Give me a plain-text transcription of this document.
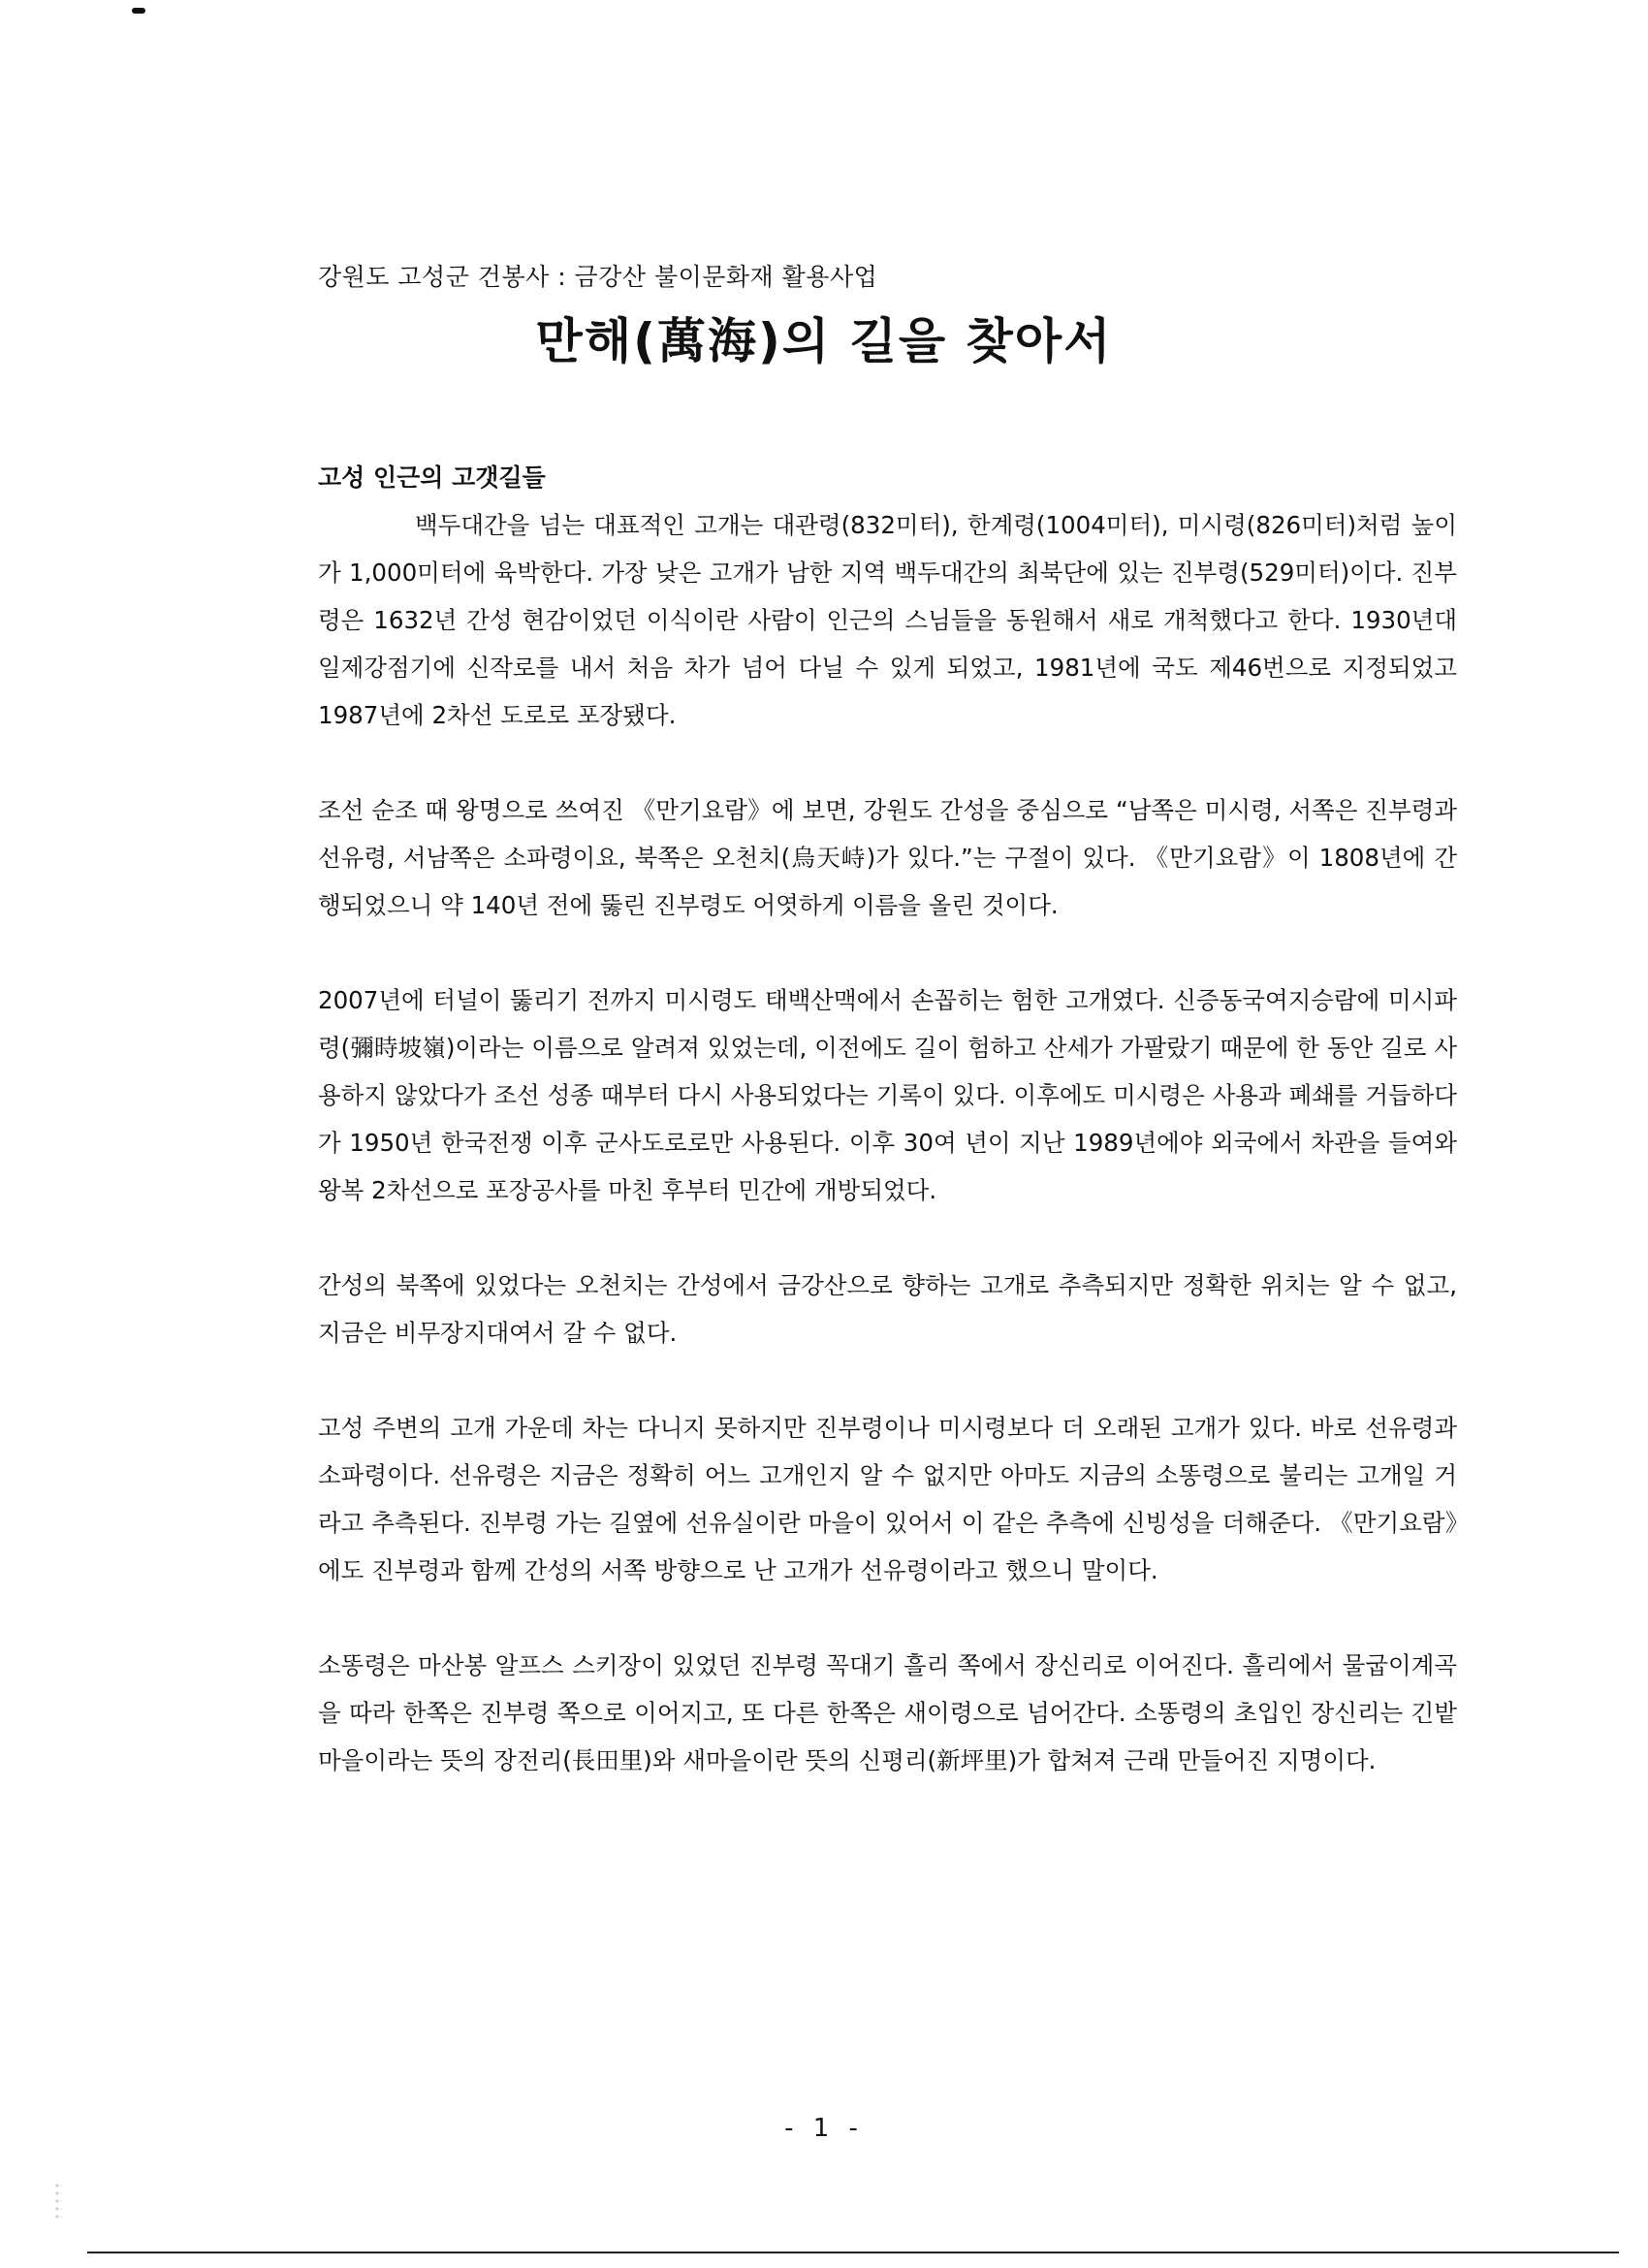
강원도 고성군 건봉사 : 금강산 불이문화재 활용사업
만해(萬海)의 길을 찾아서
고성 인근의 고갯길들

백두대간을 넘는 대표적인 고개는 대관령(832미터), 한계령(1004미터), 미시령(826미터)처럼 높이가 1,000미터에 육박한다. 가장 낮은 고개가 남한 지역 백두대간의 최북단에 있는 진부령(529미터)이다. 진부령은 1632년 간성 현감이었던 이식이란 사람이 인근의 스님들을 동원해서 새로 개척했다고 한다. 1930년대 일제강점기에 신작로를 내서 처음 차가 넘어 다닐 수 있게 되었고, 1981년에 국도 제46번으로 지정되었고 1987년에 2차선 도로로 포장됐다.

조선 순조 때 왕명으로 쓰여진 《만기요람》에 보면, 강원도 간성을 중심으로 “남쪽은 미시령, 서쪽은 진부령과 선유령, 서남쪽은 소파령이요, 북쪽은 오천치(烏天峙)가 있다.”는 구절이 있다. 《만기요람》이 1808년에 간행되었으니 약 140년 전에 뚫린 진부령도 어엿하게 이름을 올린 것이다.

2007년에 터널이 뚫리기 전까지 미시령도 태백산맥에서 손꼽히는 험한 고개였다. 신증동국여지승람에 미시파령(彌時坡嶺)이라는 이름으로 알려져 있었는데, 이전에도 길이 험하고 산세가 가팔랐기 때문에 한 동안 길로 사용하지 않았다가 조선 성종 때부터 다시 사용되었다는 기록이 있다. 이후에도 미시령은 사용과 폐쇄를 거듭하다가 1950년 한국전쟁 이후 군사도로로만 사용된다. 이후 30여 년이 지난 1989년에야 외국에서 차관을 들여와 왕복 2차선으로 포장공사를 마친 후부터 민간에 개방되었다.

간성의 북쪽에 있었다는 오천치는 간성에서 금강산으로 향하는 고개로 추측되지만 정확한 위치는 알 수 없고, 지금은 비무장지대여서 갈 수 없다.

고성 주변의 고개 가운데 차는 다니지 못하지만 진부령이나 미시령보다 더 오래된 고개가 있다. 바로 선유령과 소파령이다. 선유령은 지금은 정확히 어느 고개인지 알 수 없지만 아마도 지금의 소똥령으로 불리는 고개일 거라고 추측된다. 진부령 가는 길옆에 선유실이란 마을이 있어서 이 같은 추측에 신빙성을 더해준다. 《만기요람》에도 진부령과 함께 간성의 서쪽 방향으로 난 고개가 선유령이라고 했으니 말이다.

소똥령은 마산봉 알프스 스키장이 있었던 진부령 꼭대기 흘리 쪽에서 장신리로 이어진다. 흘리에서 물굽이계곡을 따라 한쪽은 진부령 쪽으로 이어지고, 또 다른 한쪽은 새이령으로 넘어간다. 소똥령의 초입인 장신리는 긴밭마을이라는 뜻의 장전리(長田里)와 새마을이란 뜻의 신평리(新坪里)가 합쳐져 근래 만들어진 지명이다.

- 1 -
